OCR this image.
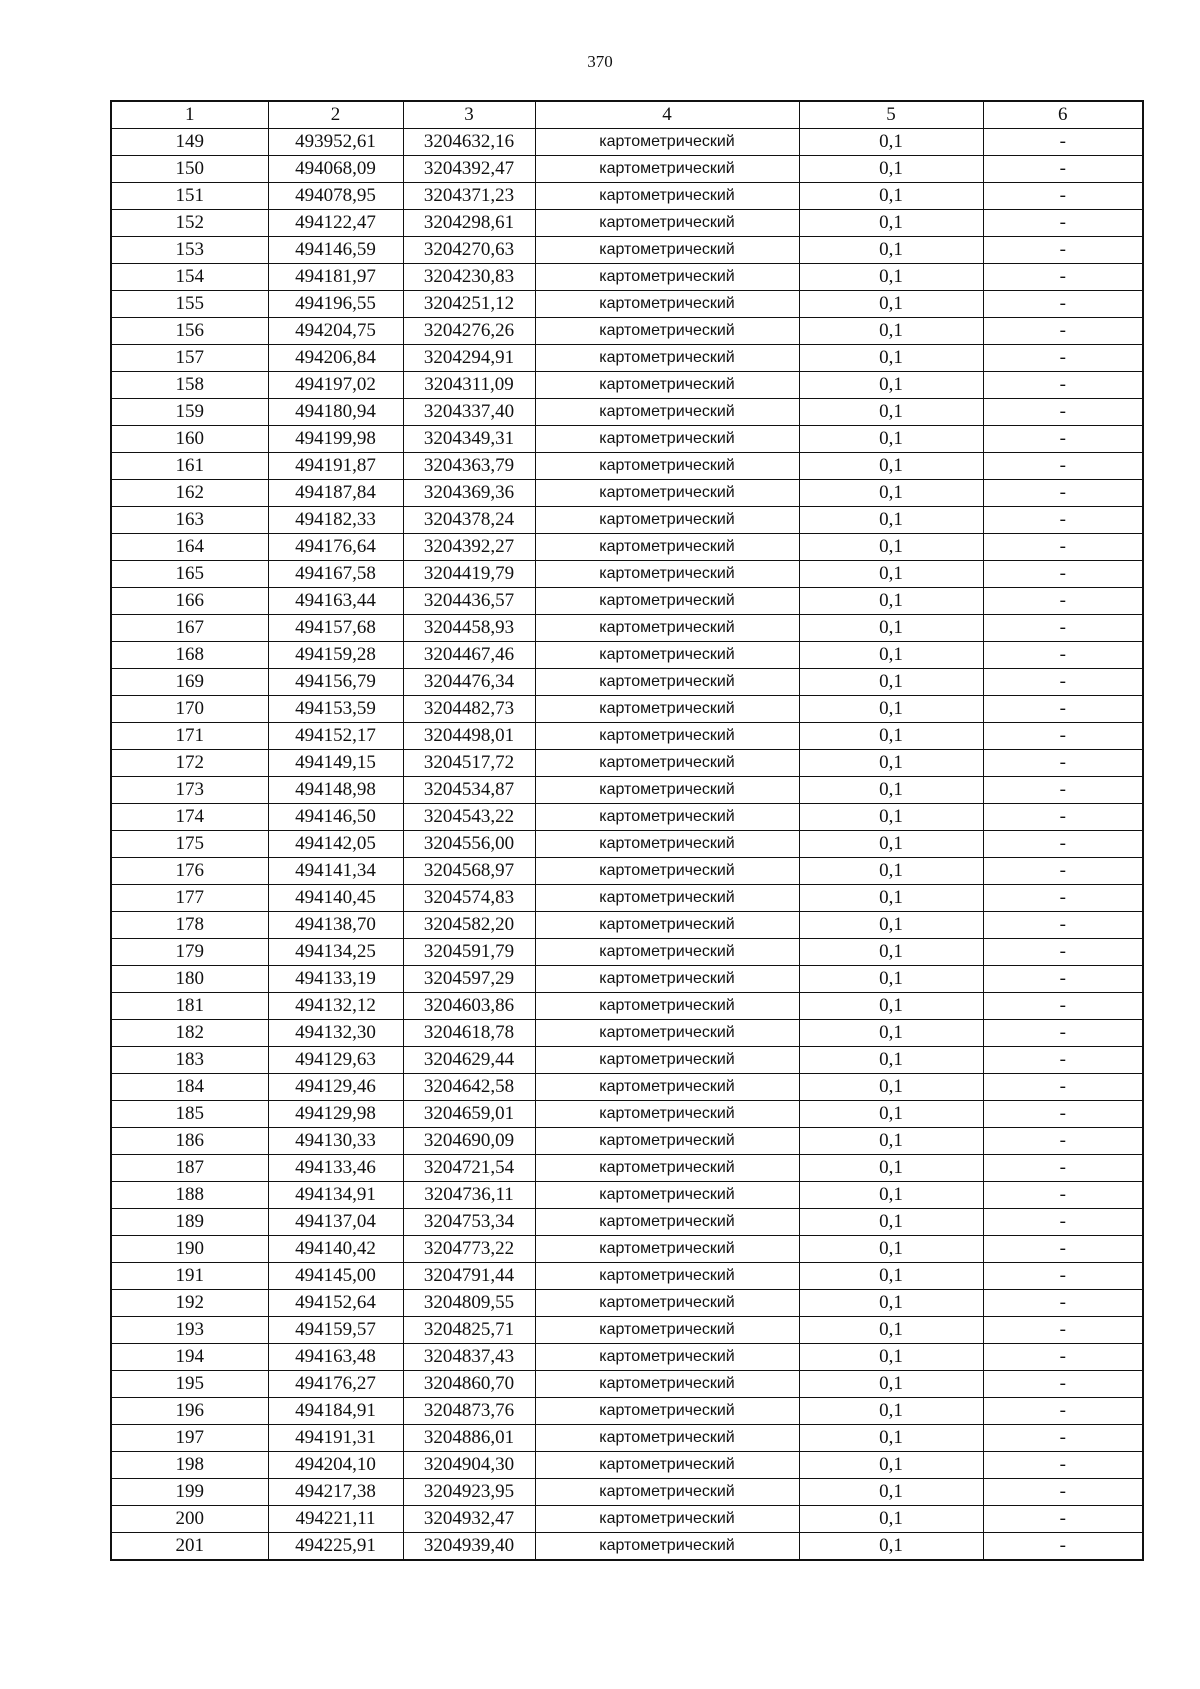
370
1	2	3	4	5	6
149	493952,61	3204632,16	картометрический	0,1	-
150	494068,09	3204392,47	картометрический	0,1	-
151	494078,95	3204371,23	картометрический	0,1	-
152	494122,47	3204298,61	картометрический	0,1	-
153	494146,59	3204270,63	картометрический	0,1	-
154	494181,97	3204230,83	картометрический	0,1	-
155	494196,55	3204251,12	картометрический	0,1	-
156	494204,75	3204276,26	картометрический	0,1	-
157	494206,84	3204294,91	картометрический	0,1	-
158	494197,02	3204311,09	картометрический	0,1	-
159	494180,94	3204337,40	картометрический	0,1	-
160	494199,98	3204349,31	картометрический	0,1	-
161	494191,87	3204363,79	картометрический	0,1	-
162	494187,84	3204369,36	картометрический	0,1	-
163	494182,33	3204378,24	картометрический	0,1	-
164	494176,64	3204392,27	картометрический	0,1	-
165	494167,58	3204419,79	картометрический	0,1	-
166	494163,44	3204436,57	картометрический	0,1	-
167	494157,68	3204458,93	картометрический	0,1	-
168	494159,28	3204467,46	картометрический	0,1	-
169	494156,79	3204476,34	картометрический	0,1	-
170	494153,59	3204482,73	картометрический	0,1	-
171	494152,17	3204498,01	картометрический	0,1	-
172	494149,15	3204517,72	картометрический	0,1	-
173	494148,98	3204534,87	картометрический	0,1	-
174	494146,50	3204543,22	картометрический	0,1	-
175	494142,05	3204556,00	картометрический	0,1	-
176	494141,34	3204568,97	картометрический	0,1	-
177	494140,45	3204574,83	картометрический	0,1	-
178	494138,70	3204582,20	картометрический	0,1	-
179	494134,25	3204591,79	картометрический	0,1	-
180	494133,19	3204597,29	картометрический	0,1	-
181	494132,12	3204603,86	картометрический	0,1	-
182	494132,30	3204618,78	картометрический	0,1	-
183	494129,63	3204629,44	картометрический	0,1	-
184	494129,46	3204642,58	картометрический	0,1	-
185	494129,98	3204659,01	картометрический	0,1	-
186	494130,33	3204690,09	картометрический	0,1	-
187	494133,46	3204721,54	картометрический	0,1	-
188	494134,91	3204736,11	картометрический	0,1	-
189	494137,04	3204753,34	картометрический	0,1	-
190	494140,42	3204773,22	картометрический	0,1	-
191	494145,00	3204791,44	картометрический	0,1	-
192	494152,64	3204809,55	картометрический	0,1	-
193	494159,57	3204825,71	картометрический	0,1	-
194	494163,48	3204837,43	картометрический	0,1	-
195	494176,27	3204860,70	картометрический	0,1	-
196	494184,91	3204873,76	картометрический	0,1	-
197	494191,31	3204886,01	картометрический	0,1	-
198	494204,10	3204904,30	картометрический	0,1	-
199	494217,38	3204923,95	картометрический	0,1	-
200	494221,11	3204932,47	картометрический	0,1	-
201	494225,91	3204939,40	картометрический	0,1	-
